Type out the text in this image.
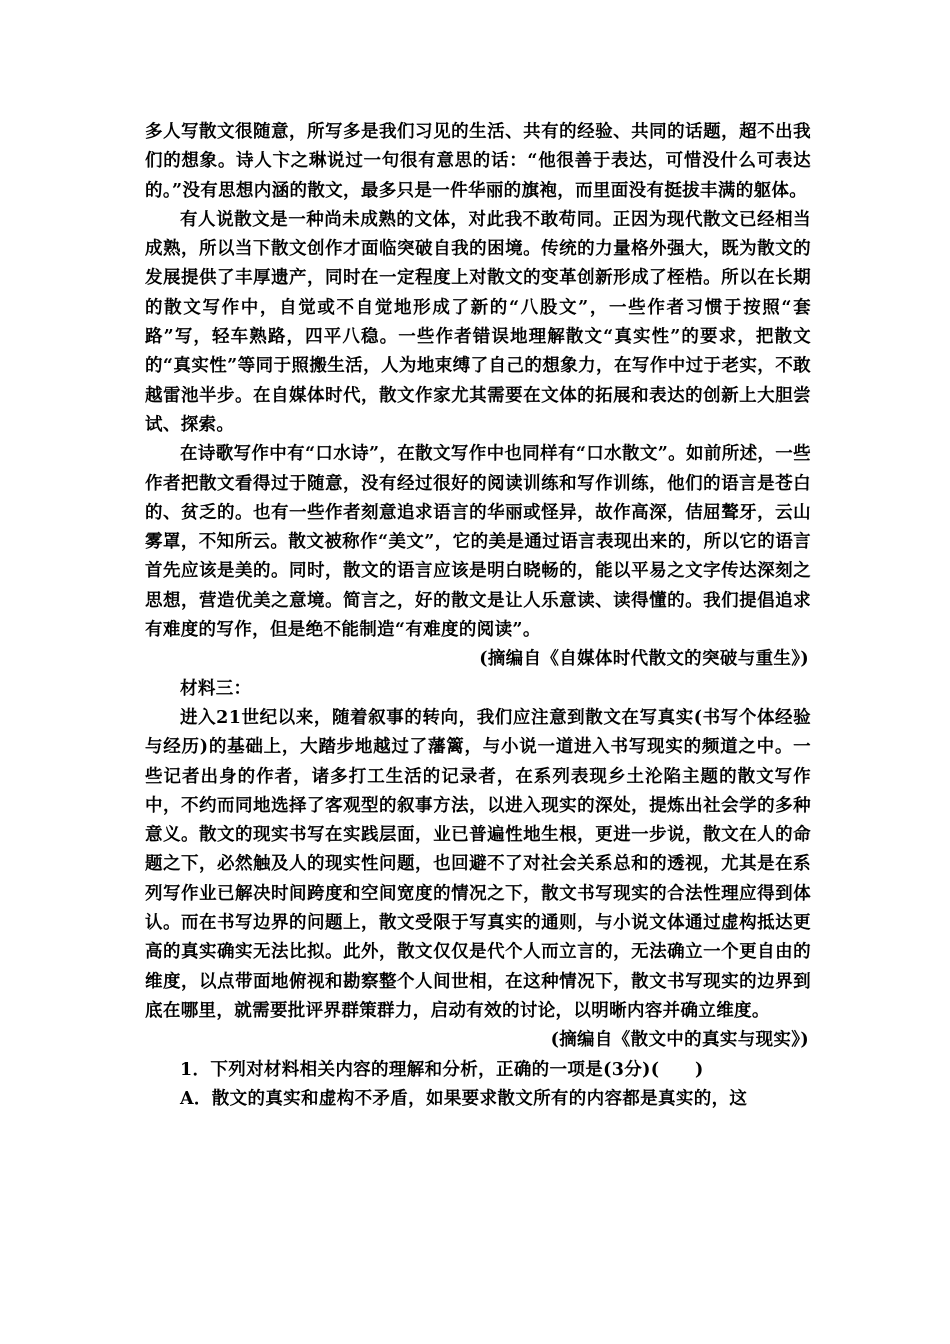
多人写散文很随意，所写多是我们习见的生活、共有的经验、共同的话题，超不出我们的想象。诗人卞之琳说过一句很有意思的话：“他很善于表达，可惜没什么可表达的。”没有思想内涵的散文，最多只是一件华丽的旗袍，而里面没有挺拔丰满的躯体。

有人说散文是一种尚未成熟的文体，对此我不敢苟同。正因为现代散文已经相当成熟，所以当下散文创作才面临突破自我的困境。传统的力量格外强大，既为散文的发展提供了丰厚遗产，同时在一定程度上对散文的变革创新形成了桎梏。所以在长期的散文写作中，自觉或不自觉地形成了新的“八股文”，一些作者习惯于按照“套路”写，轻车熟路，四平八稳。一些作者错误地理解散文“真实性”的要求，把散文的“真实性”等同于照搬生活，人为地束缚了自己的想象力，在写作中过于老实，不敢越雷池半步。在自媒体时代，散文作家尤其需要在文体的拓展和表达的创新上大胆尝试、探索。

在诗歌写作中有“口水诗”，在散文写作中也同样有“口水散文”。如前所述，一些作者把散文看得过于随意，没有经过很好的阅读训练和写作训练，他们的语言是苍白的、贫乏的。也有一些作者刻意追求语言的华丽或怪异，故作高深，佶屈聱牙，云山雾罩，不知所云。散文被称作“美文”，它的美是通过语言表现出来的，所以它的语言首先应该是美的。同时，散文的语言应该是明白晓畅的，能以平易之文字传达深刻之思想，营造优美之意境。简言之，好的散文是让人乐意读、读得懂的。我们提倡追求有难度的写作，但是绝不能制造“有难度的阅读”。

(摘编自《自媒体时代散文的突破与重生》)

材料三：

进入21世纪以来，随着叙事的转向，我们应注意到散文在写真实(书写个体经验与经历)的基础上，大踏步地越过了藩篱，与小说一道进入书写现实的频道之中。一些记者出身的作者，诸多打工生活的记录者，在系列表现乡土沦陷主题的散文写作中，不约而同地选择了客观型的叙事方法，以进入现实的深处，提炼出社会学的多种意义。散文的现实书写在实践层面，业已普遍性地生根，更进一步说，散文在人的命题之下，必然触及人的现实性问题，也回避不了对社会关系总和的透视，尤其是在系列写作业已解决时间跨度和空间宽度的情况之下，散文书写现实的合法性理应得到体认。而在书写边界的问题上，散文受限于写真实的通则，与小说文体通过虚构抵达更高的真实确实无法比拟。此外，散文仅仅是代个人而立言的，无法确立一个更自由的维度，以点带面地俯视和勘察整个人间世相，在这种情况下，散文书写现实的边界到底在哪里，就需要批评界群策群力，启动有效的讨论，以明晰内容并确立维度。

(摘编自《散文中的真实与现实》)

1．下列对材料相关内容的理解和分析，正确的一项是(3分)(　　)

A．散文的真实和虚构不矛盾，如果要求散文所有的内容都是真实的，这
